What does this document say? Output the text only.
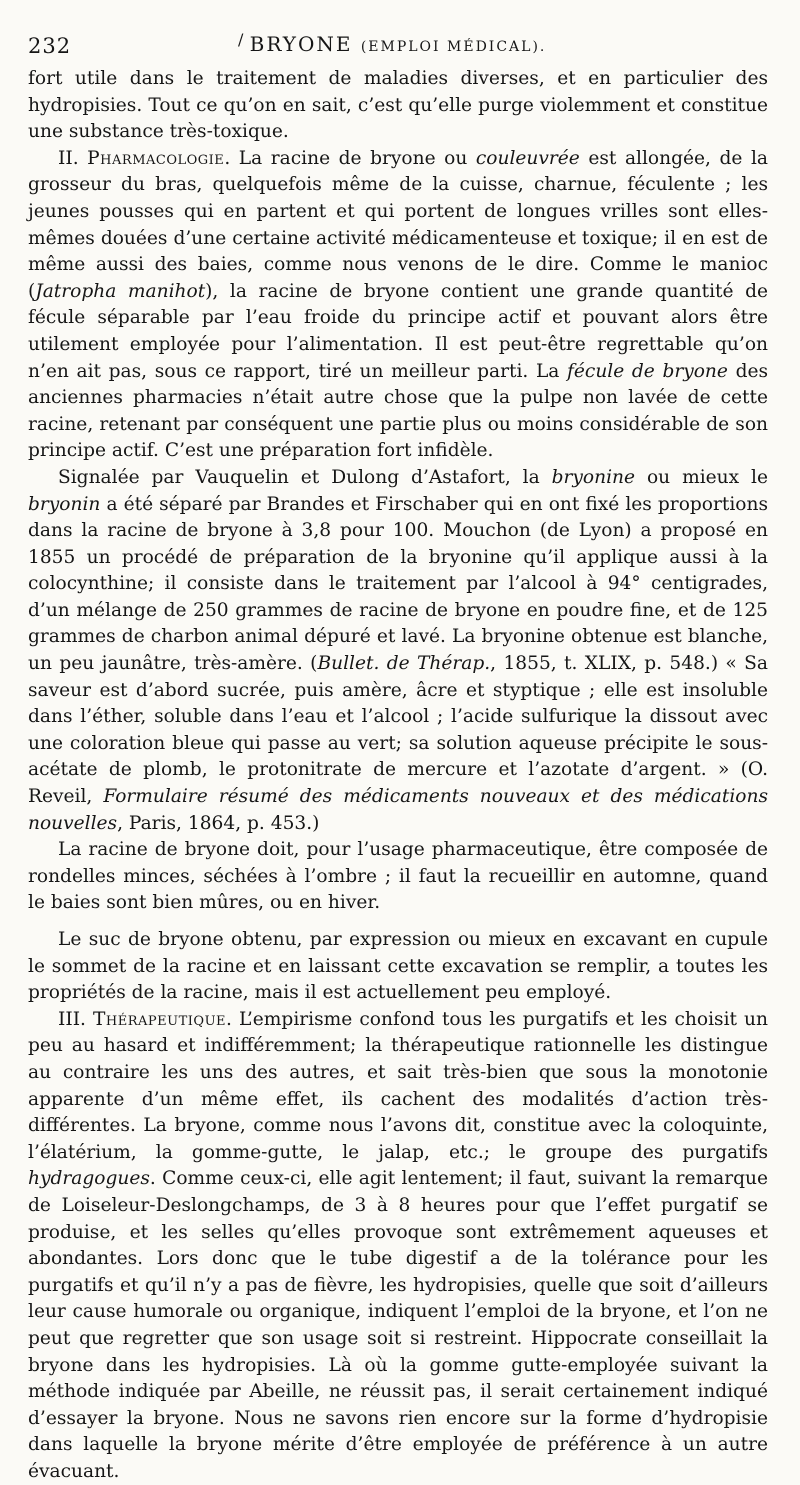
232	/ BRYONE (EMPLOI MÉDICAL).

fort utile dans le traitement de maladies diverses, et en particulier des hydropisies. Tout ce qu’on en sait, c’est qu’elle purge violemment et constitue une substance très-toxique.

II. Pharmacologie. La racine de bryone ou couleuvrée est allongée, de la grosseur du bras, quelquefois même de la cuisse, charnue, féculente ; les jeunes pousses qui en partent et qui portent de longues vrilles sont elles-mêmes douées d’une certaine activité médicamenteuse et toxique; il en est de même aussi des baies, comme nous venons de le dire. Comme le manioc (Jatropha manihot), la racine de bryone contient une grande quantité de fécule séparable par l’eau froide du principe actif et pouvant alors être utilement employée pour l’alimentation. Il est peut-être regrettable qu’on n’en ait pas, sous ce rapport, tiré un meilleur parti. La fécule de bryone des anciennes pharmacies n’était autre chose que la pulpe non lavée de cette racine, retenant par conséquent une partie plus ou moins considérable de son principe actif. C’est une préparation fort infidèle.

Signalée par Vauquelin et Dulong d’Astafort, la bryonine ou mieux le bryonin a été séparé par Brandes et Firschaber qui en ont fixé les proportions dans la racine de bryone à 3,8 pour 100. Mouchon (de Lyon) a proposé en 1855 un procédé de préparation de la bryonine qu’il applique aussi à la colocynthine; il consiste dans le traitement par l’alcool à 94° centigrades, d’un mélange de 250 grammes de racine de bryone en poudre fine, et de 125 grammes de charbon animal dépuré et lavé. La bryonine obtenue est blanche, un peu jaunâtre, très-amère. (Bullet. de Thérap., 1855, t. XLIX, p. 548.) « Sa saveur est d’abord sucrée, puis amère, âcre et styptique ; elle est insoluble dans l’éther, soluble dans l’eau et l’alcool ; l’acide sulfurique la dissout avec une coloration bleue qui passe au vert; sa solution aqueuse précipite le sous-acétate de plomb, le protonitrate de mercure et l’azotate d’argent. » (O. Reveil, Formulaire résumé des médicaments nouveaux et des médications nouvelles, Paris, 1864, p. 453.)

La racine de bryone doit, pour l’usage pharmaceutique, être composée de rondelles minces, séchées à l’ombre ; il faut la recueillir en automne, quand le baies sont bien mûres, ou en hiver.

Le suc de bryone obtenu, par expression ou mieux en excavant en cupule le sommet de la racine et en laissant cette excavation se remplir, a toutes les propriétés de la racine, mais il est actuellement peu employé.

III. Thérapeutique. L’empirisme confond tous les purgatifs et les choisit un peu au hasard et indifféremment; la thérapeutique rationnelle les distingue au contraire les uns des autres, et sait très-bien que sous la monotonie apparente d’un même effet, ils cachent des modalités d’action très-différentes. La bryone, comme nous l’avons dit, constitue avec la coloquinte, l’élatérium, la gomme-gutte, le jalap, etc.; le groupe des purgatifs hydragogues. Comme ceux-ci, elle agit lentement; il faut, suivant la remarque de Loiseleur-Deslongchamps, de 3 à 8 heures pour que l’effet purgatif se produise, et les selles qu’elles provoque sont extrêmement aqueuses et abondantes. Lors donc que le tube digestif a de la tolérance pour les purgatifs et qu’il n’y a pas de fièvre, les hydropisies, quelle que soit d’ailleurs leur cause humorale ou organique, indiquent l’emploi de la bryone, et l’on ne peut que regretter que son usage soit si restreint. Hippocrate conseillait la bryone dans les hydropisies. Là où la gomme gutte-employée suivant la méthode indiquée par Abeille, ne réussit pas, il serait certainement indiqué d’essayer la bryone. Nous ne savons rien encore sur la forme d’hydropisie dans laquelle la bryone mérite d’être employée de préférence à un autre évacuant.
